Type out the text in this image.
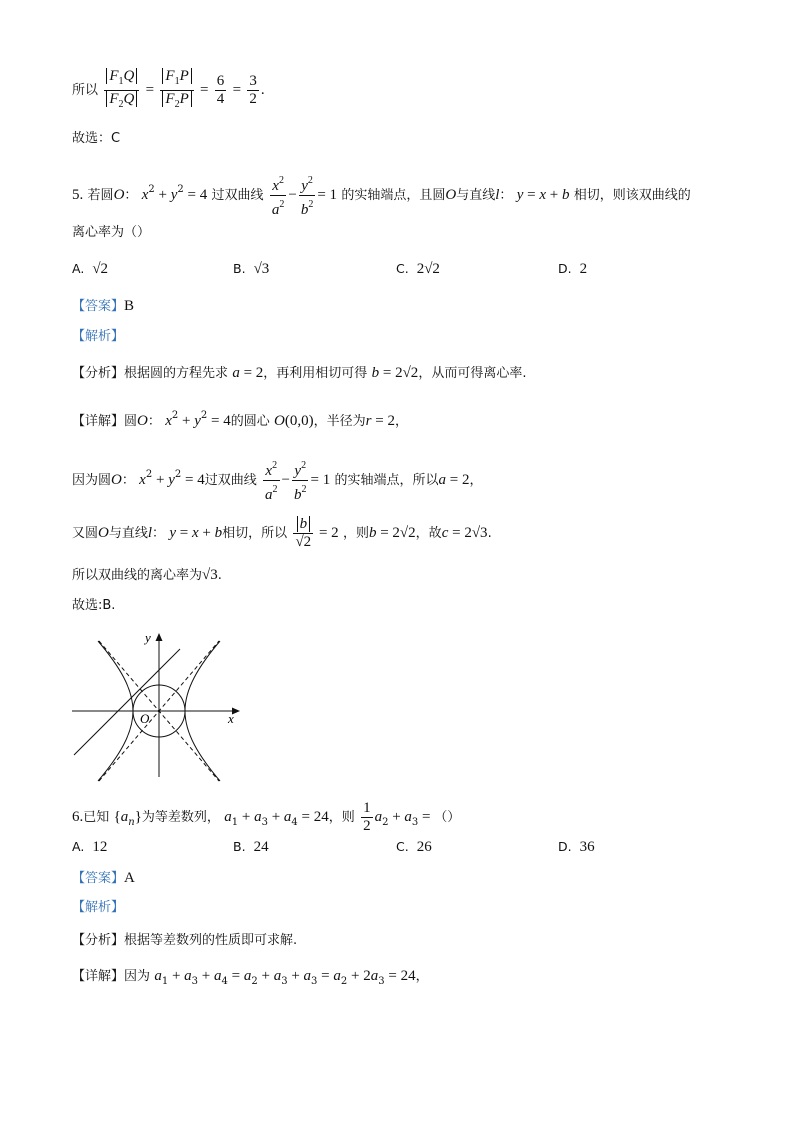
所以 $\frac{F_1Q}{F_2Q} = \frac{F_1P}{F_2P} = \frac{6}{4} = \frac{3}{2}$ .
故选：C
5. 若圆O： $x^2 + y^2 = 4$ 过双曲线 $\frac{x^2}{a^2} - \frac{y^2}{b^2} = 1$ 的实轴端点，且圆O与直线l： y = x + b 相切，则该双曲线的
离心率为（）
A. √2	B. √3	C. 2√2	D. 2
【答案】B
【解析】
【分析】根据圆的方程先求 a = 2，再利用相切可得 b = 2√2，从而可得离心率.
【详解】圆O： $x^2 + y^2 = 4$的圆心 O(0,0)，半径为r = 2，
因为圆O： $x^2 + y^2 = 4$过双曲线 $\frac{x^2}{a^2} - \frac{y^2}{b^2} = 1$ 的实轴端点，所以a = 2，
又圆O与直线l： y = x + b相切，所以 $\frac{b}{√2} = 2$ ，则b = 2√2，故c = 2√3.
所以双曲线的离心率为√3.
故选:B.
y
x
O
6.已知 $\{a_n\}$为等差数列， $a_1 + a_3 + a_4 = 24$，则 $\frac{1}{2} a_2 + a_3$ = （）
A. 12	B. 24	C. 26	D. 36
【答案】A
【解析】
【分析】根据等差数列的性质即可求解.
【详解】因为 $a_1 + a_3 + a_4 = a_2 + a_3 + a_3 = a_2 + 2a_3 = 24$，
